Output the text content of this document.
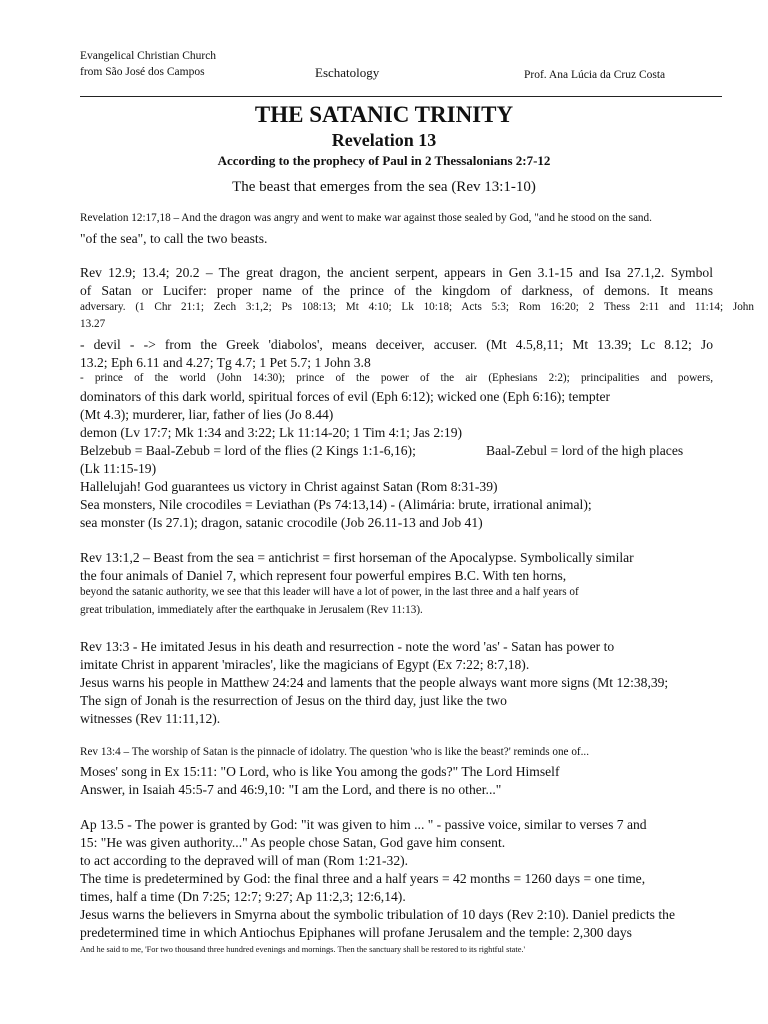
Evangelical Christian Church
from São José dos Campos	Eschatology	Prof. Ana Lúcia da Cruz Costa
THE SATANIC TRINITY
Revelation 13
According to the prophecy of Paul in 2 Thessalonians 2:7-12
The beast that emerges from the sea (Rev 13:1-10)

Revelation 12:17,18 – And the dragon was angry and went to make war against those sealed by God, "and he stood on the sand.

"of the sea", to call the two beasts.

Rev 12.9; 13.4; 20.2 – The great dragon, the ancient serpent, appears in Gen 3.1-15 and Isa 27.1,2. Symbol

of Satan or Lucifer: proper name of the prince of the kingdom of darkness, of demons. It means

adversary. (1 Chr 21:1; Zech 3:1,2; Ps 108:13; Mt 4:10; Lk 10:18; Acts 5:3; Rom 16:20; 2 Thess 2:11 and 11:14; John

13.27

- devil - -> from the Greek 'diabolos', means deceiver, accuser. (Mt 4.5,8,11; Mt 13.39; Lc 8.12; Jo

13.2; Eph 6.11 and 4.27; Tg 4.7; 1 Pet 5.7; 1 John 3.8

- prince of the world (John 14:30); prince of the power of the air (Ephesians 2:2); principalities and powers,

dominators of this dark world, spiritual forces of evil (Eph 6:12); wicked one (Eph 6:16); tempter

(Mt 4.3); murderer, liar, father of lies (Jo 8.44)

demon (Lv 17:7; Mk 1:34 and 3:22; Lk 11:14-20; 1 Tim 4:1; Jas 2:19)

Belzebub = Baal-Zebub = lord of the flies (2 Kings 1:1-6,16);	Baal-Zebul = lord of the high places

(Lk 11:15-19)

Hallelujah! God guarantees us victory in Christ against Satan (Rom 8:31-39)

Sea monsters, Nile crocodiles = Leviathan (Ps 74:13,14) - (Alimária: brute, irrational animal);

sea monster (Is 27.1); dragon, satanic crocodile (Job 26.11-13 and Job 41)

Rev 13:1,2 – Beast from the sea = antichrist = first horseman of the Apocalypse. Symbolically similar

the four animals of Daniel 7, which represent four powerful empires B.C. With ten horns,

beyond the satanic authority, we see that this leader will have a lot of power, in the last three and a half years of

great tribulation, immediately after the earthquake in Jerusalem (Rev 11:13).

Rev 13:3 - He imitated Jesus in his death and resurrection - note the word 'as' - Satan has power to

imitate Christ in apparent 'miracles', like the magicians of Egypt (Ex 7:22; 8:7,18).

Jesus warns his people in Matthew 24:24 and laments that the people always want more signs (Mt 12:38,39;

The sign of Jonah is the resurrection of Jesus on the third day, just like the two

witnesses (Rev 11:11,12).

Rev 13:4 – The worship of Satan is the pinnacle of idolatry. The question 'who is like the beast?' reminds one of...

Moses' song in Ex 15:11: "O Lord, who is like You among the gods?" The Lord Himself

Answer, in Isaiah 45:5-7 and 46:9,10: "I am the Lord, and there is no other..."

Ap 13.5 - The power is granted by God: "it was given to him ... " - passive voice, similar to verses 7 and

15: "He was given authority..." As people chose Satan, God gave him consent.

to act according to the depraved will of man (Rom 1:21-32).

The time is predetermined by God: the final three and a half years = 42 months = 1260 days = one time,

times, half a time (Dn 7:25; 12:7; 9:27; Ap 11:2,3; 12:6,14).

Jesus warns the believers in Smyrna about the symbolic tribulation of 10 days (Rev 2:10). Daniel predicts the

predetermined time in which Antiochus Epiphanes will profane Jerusalem and the temple: 2,300 days

And he said to me, 'For two thousand three hundred evenings and mornings. Then the sanctuary shall be restored to its rightful state.'
